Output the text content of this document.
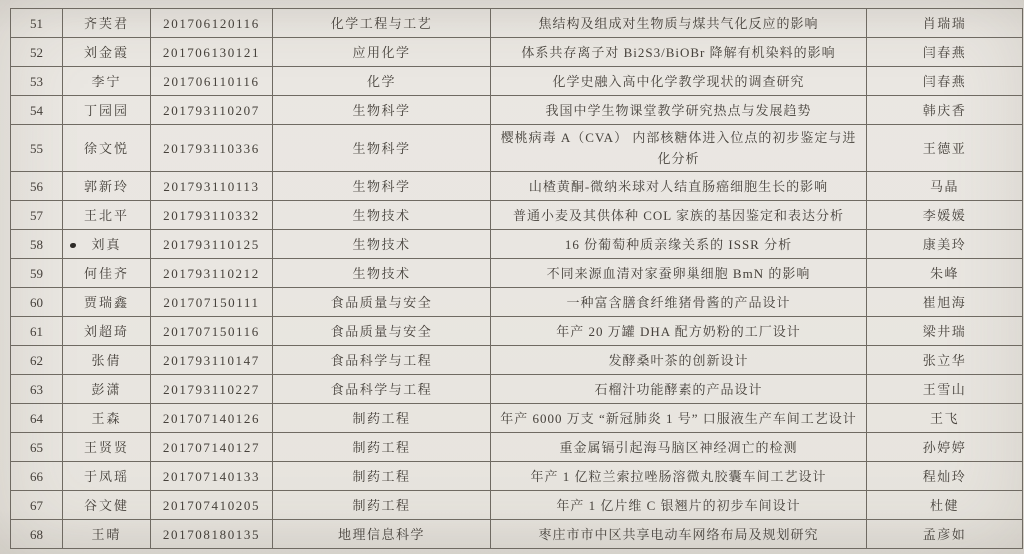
51	齐芙君	201706120116	化学工程与工艺	焦结构及组成对生物质与煤共气化反应的影响	肖瑞瑞
52	刘金霞	201706130121	应用化学	体系共存离子对 Bi2S3/BiOBr 降解有机染料的影响	闫春燕
53	李宁	201706110116	化学	化学史融入高中化学教学现状的调查研究	闫春燕
54	丁园园	201793110207	生物科学	我国中学生物课堂教学研究热点与发展趋势	韩庆香
55	徐文悦	201793110336	生物科学	樱桃病毒 A（CVA） 内部核糖体进入位点的初步鉴定与进化分析	王德亚
56	郭新玲	201793110113	生物科学	山楂黄酮-微纳米球对人结直肠癌细胞生长的影响	马晶
57	王北平	201793110332	生物技术	普通小麦及其供体种 COL 家族的基因鉴定和表达分析	李媛媛
58	刘真	201793110125	生物技术	16 份葡萄种质亲缘关系的 ISSR 分析	康美玲
59	何佳齐	201793110212	生物技术	不同来源血清对家蚕卵巢细胞 BmN 的影响	朱峰
60	贾瑞鑫	201707150111	食品质量与安全	一种富含膳食纤维猪骨酱的产品设计	崔旭海
61	刘超琦	201707150116	食品质量与安全	年产 20 万罐 DHA 配方奶粉的工厂设计	梁井瑞
62	张倩	201793110147	食品科学与工程	发酵桑叶茶的创新设计	张立华
63	彭潇	201793110227	食品科学与工程	石榴汁功能酵素的产品设计	王雪山
64	王森	201707140126	制药工程	年产 6000 万支 “新冠肺炎 1 号” 口服液生产车间工艺设计	王飞
65	王贤贤	201707140127	制药工程	重金属镉引起海马脑区神经凋亡的检测	孙婷婷
66	于凤瑶	201707140133	制药工程	年产 1 亿粒兰索拉唑肠溶微丸胶囊车间工艺设计	程灿玲
67	谷文健	201707410205	制药工程	年产 1 亿片维 C 银翘片的初步车间设计	杜健
68	王晴	201708180135	地理信息科学	枣庄市市中区共享电动车网络布局及规划研究	孟彦如
